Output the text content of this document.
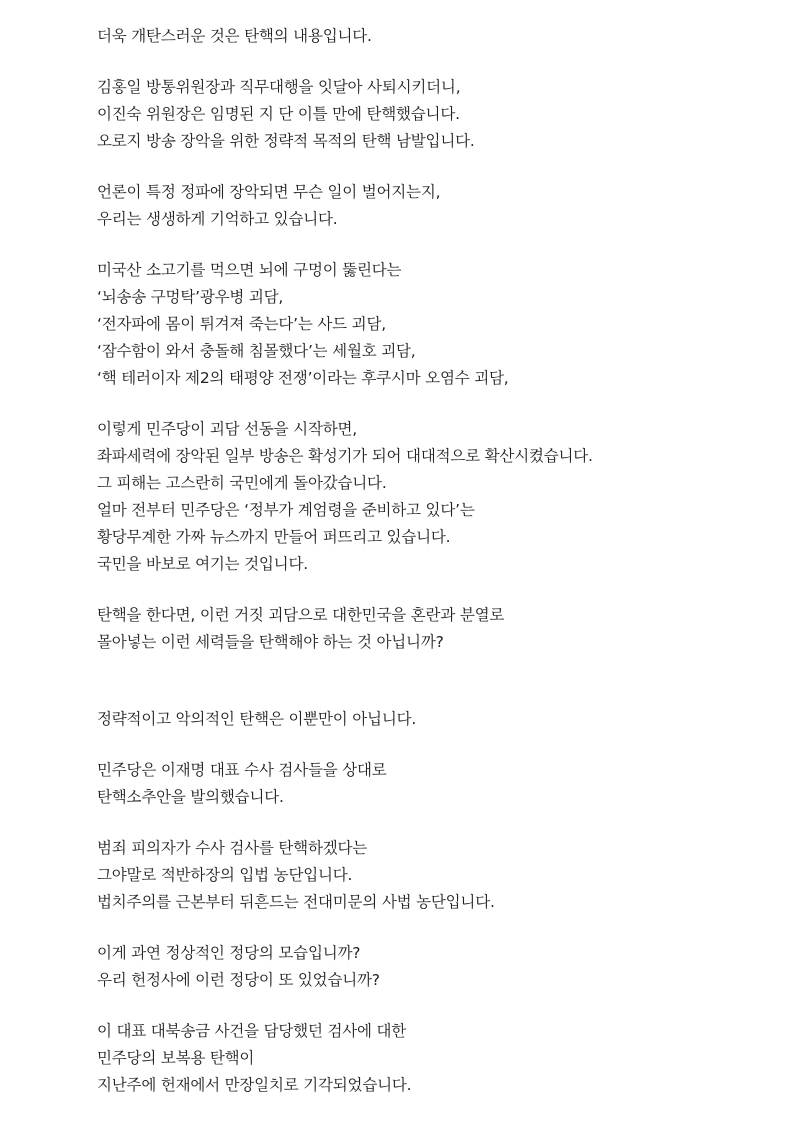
더욱 개탄스러운 것은 탄핵의 내용입니다.
김홍일 방통위원장과 직무대행을 잇달아 사퇴시키더니,
이진숙 위원장은 임명된 지 단 이틀 만에 탄핵했습니다.
오로지 방송 장악을 위한 정략적 목적의 탄핵 남발입니다.
언론이 특정 정파에 장악되면 무슨 일이 벌어지는지,
우리는 생생하게 기억하고 있습니다.
미국산 소고기를 먹으면 뇌에 구멍이 뚫린다는
‘뇌송송 구멍탁’광우병 괴담,
‘전자파에 몸이 튀겨져 죽는다’는 사드 괴담,
‘잠수함이 와서 충돌해 침몰했다’는 세월호 괴담,
‘핵 테러이자 제2의 태평양 전쟁’이라는 후쿠시마 오염수 괴담,
이렇게 민주당이 괴담 선동을 시작하면,
좌파세력에 장악된 일부 방송은 확성기가 되어 대대적으로 확산시켰습니다.
그 피해는 고스란히 국민에게 돌아갔습니다.
얼마 전부터 민주당은 ‘정부가 계엄령을 준비하고 있다’는
황당무계한 가짜 뉴스까지 만들어 퍼뜨리고 있습니다.
국민을 바보로 여기는 것입니다.
탄핵을 한다면, 이런 거짓 괴담으로 대한민국을 혼란과 분열로
몰아넣는 이런 세력들을 탄핵해야 하는 것 아닙니까?
정략적이고 악의적인 탄핵은 이뿐만이 아닙니다.
민주당은 이재명 대표 수사 검사들을 상대로
탄핵소추안을 발의했습니다.
범죄 피의자가 수사 검사를 탄핵하겠다는
그야말로 적반하장의 입법 농단입니다.
법치주의를 근본부터 뒤흔드는 전대미문의 사법 농단입니다.
이게 과연 정상적인 정당의 모습입니까?
우리 헌정사에 이런 정당이 또 있었습니까?
이 대표 대북송금 사건을 담당했던 검사에 대한
민주당의 보복용 탄핵이
지난주에 헌재에서 만장일치로 기각되었습니다.
